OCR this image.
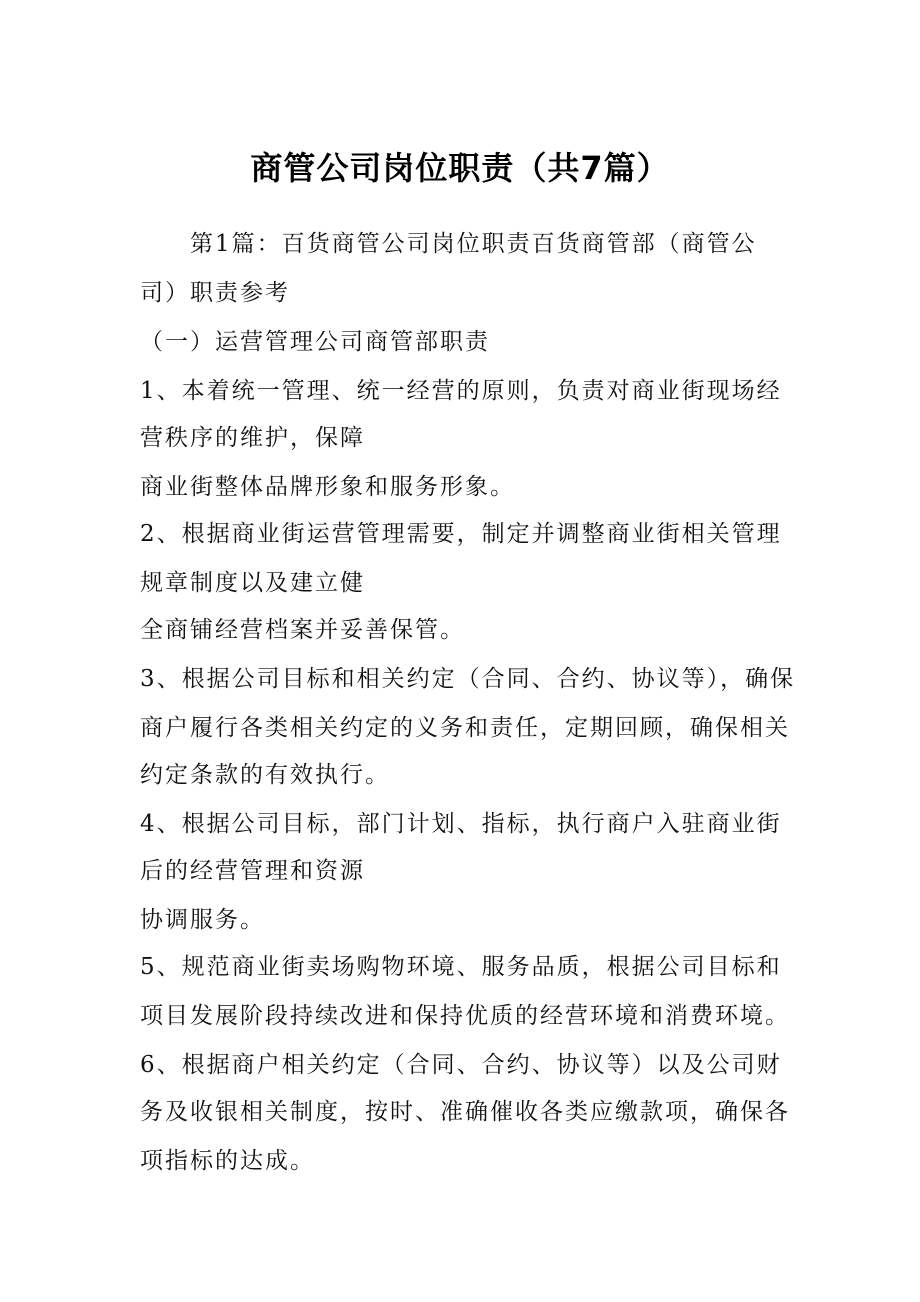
商管公司岗位职责（共7篇）
　　第1篇：百货商管公司岗位职责百货商管部（商管公
司）职责参考
（一）运营管理公司商管部职责
1、本着统一管理、统一经营的原则，负责对商业街现场经
营秩序的维护，保障
商业街整体品牌形象和服务形象。
2、根据商业街运营管理需要，制定并调整商业街相关管理
规章制度以及建立健
全商铺经营档案并妥善保管。
3、根据公司目标和相关约定（合同、合约、协议等），确保
商户履行各类相关约定的义务和责任，定期回顾，确保相关
约定条款的有效执行。
4、根据公司目标，部门计划、指标，执行商户入驻商业街
后的经营管理和资源
协调服务。
5、规范商业街卖场购物环境、服务品质，根据公司目标和
项目发展阶段持续改进和保持优质的经营环境和消费环境。
6、根据商户相关约定（合同、合约、协议等）以及公司财
务及收银相关制度，按时、准确催收各类应缴款项，确保各
项指标的达成。
